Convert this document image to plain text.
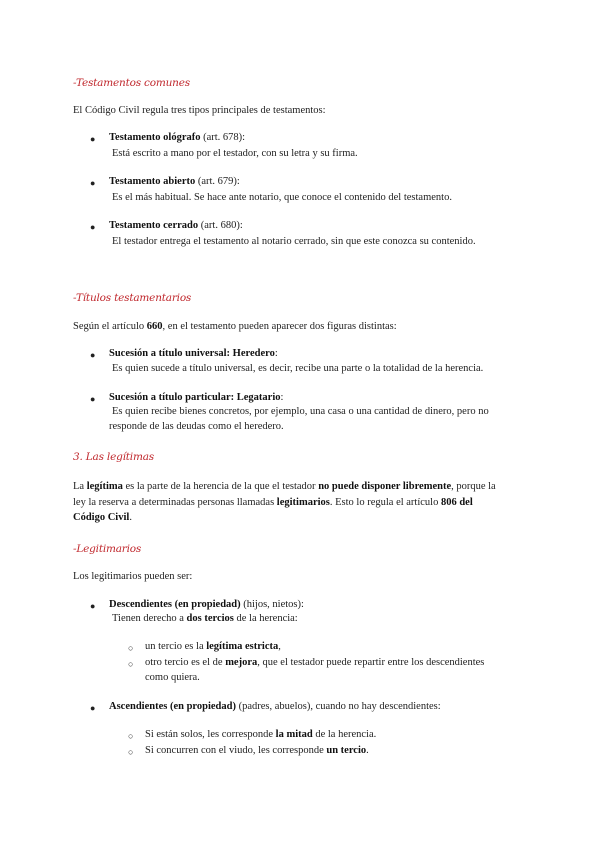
-Testamentos comunes
El Código Civil regula tres tipos principales de testamentos:
● Testamento ológrafo (art. 678):
Está escrito a mano por el testador, con su letra y su firma.
● Testamento abierto (art. 679):
Es el más habitual. Se hace ante notario, que conoce el contenido del testamento.
● Testamento cerrado (art. 680):
El testador entrega el testamento al notario cerrado, sin que este conozca su contenido.
-Títulos testamentarios
Según el artículo 660, en el testamento pueden aparecer dos figuras distintas:
● Sucesión a título universal: Heredero:
Es quien sucede a título universal, es decir, recibe una parte o la totalidad de la herencia.
● Sucesión a título particular: Legatario:
Es quien recibe bienes concretos, por ejemplo, una casa o una cantidad de dinero, pero no
responde de las deudas como el heredero.
3. Las legítimas
La legítima es la parte de la herencia de la que el testador no puede disponer libremente, porque la
ley la reserva a determinadas personas llamadas legitimarios. Esto lo regula el artículo 806 del
Código Civil.
-Legitimarios
Los legitimarios pueden ser:
● Descendientes (en propiedad) (hijos, nietos):
Tienen derecho a dos tercios de la herencia:
○ un tercio es la legítima estricta,
○ otro tercio es el de mejora, que el testador puede repartir entre los descendientes
como quiera.
● Ascendientes (en propiedad) (padres, abuelos), cuando no hay descendientes:
○ Si están solos, les corresponde la mitad de la herencia.
○ Si concurren con el viudo, les corresponde un tercio.
